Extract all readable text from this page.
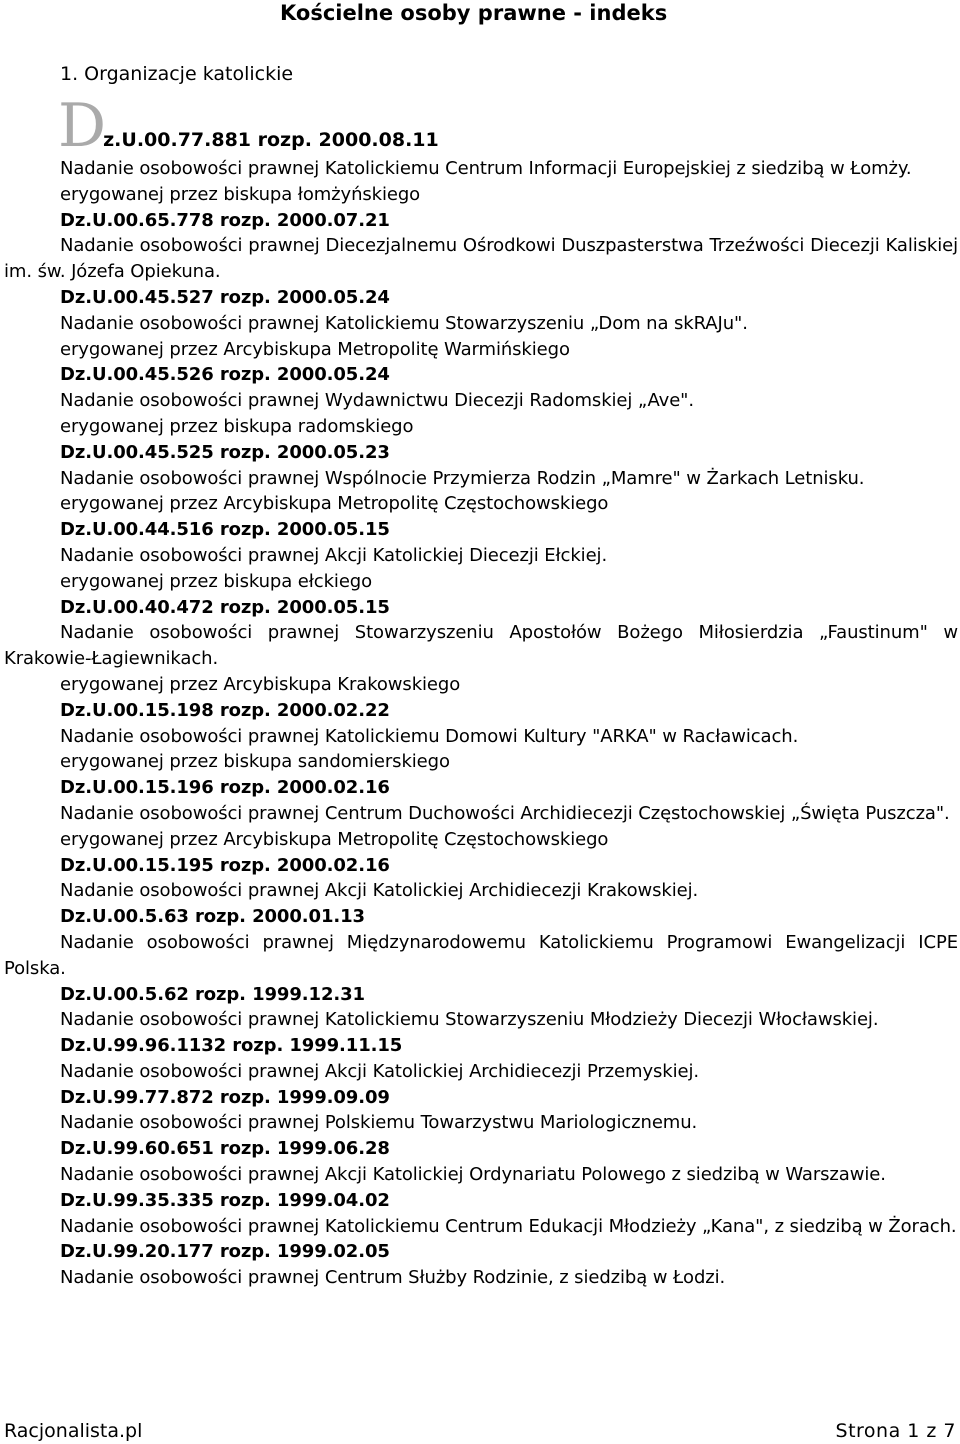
Kościelne osoby prawne - indeks
1. Organizacje katolickie
Dz.U.00.77.881 rozp. 2000.08.11

Nadanie osobowości prawnej Katolickiemu Centrum Informacji Europejskiej z siedzibą w Łomży.

erygowanej przez biskupa łomżyńskiego
Dz.U.00.65.778 rozp. 2000.07.21

Nadanie osobowości prawnej Diecezjalnemu Ośrodkowi Duszpasterstwa Trzeźwości Diecezji Kaliskiej im. św. Józefa Opiekuna.

Dz.U.00.45.527 rozp. 2000.05.24

Nadanie osobowości prawnej Katolickiemu Stowarzyszeniu „Dom na skRAJu".

erygowanej przez Arcybiskupa Metropolitę Warmińskiego
Dz.U.00.45.526 rozp. 2000.05.24

Nadanie osobowości prawnej Wydawnictwu Diecezji Radomskiej „Ave".

erygowanej przez biskupa radomskiego
Dz.U.00.45.525 rozp. 2000.05.23

Nadanie osobowości prawnej Wspólnocie Przymierza Rodzin „Mamre" w Żarkach Letnisku.

erygowanej przez Arcybiskupa Metropolitę Częstochowskiego
Dz.U.00.44.516 rozp. 2000.05.15

Nadanie osobowości prawnej Akcji Katolickiej Diecezji Ełckiej.

erygowanej przez biskupa ełckiego
Dz.U.00.40.472 rozp. 2000.05.15

Nadanie osobowości prawnej Stowarzyszeniu Apostołów Bożego Miłosierdzia „Faustinum" w Krakowie-Łagiewnikach.

erygowanej przez Arcybiskupa Krakowskiego
Dz.U.00.15.198 rozp. 2000.02.22

Nadanie osobowości prawnej Katolickiemu Domowi Kultury "ARKA" w Racławicach.

erygowanej przez biskupa sandomierskiego
Dz.U.00.15.196 rozp. 2000.02.16

Nadanie osobowości prawnej Centrum Duchowości Archidiecezji Częstochowskiej „Święta Puszcza".

erygowanej przez Arcybiskupa Metropolitę Częstochowskiego
Dz.U.00.15.195 rozp. 2000.02.16

Nadanie osobowości prawnej Akcji Katolickiej Archidiecezji Krakowskiej.

Dz.U.00.5.63 rozp. 2000.01.13

Nadanie osobowości prawnej Międzynarodowemu Katolickiemu Programowi Ewangelizacji ICPE Polska.

Dz.U.00.5.62 rozp. 1999.12.31

Nadanie osobowości prawnej Katolickiemu Stowarzyszeniu Młodzieży Diecezji Włocławskiej.

Dz.U.99.96.1132 rozp. 1999.11.15

Nadanie osobowości prawnej Akcji Katolickiej Archidiecezji Przemyskiej.

Dz.U.99.77.872 rozp. 1999.09.09

Nadanie osobowości prawnej Polskiemu Towarzystwu Mariologicznemu.

Dz.U.99.60.651 rozp. 1999.06.28

Nadanie osobowości prawnej Akcji Katolickiej Ordynariatu Polowego z siedzibą w Warszawie.

Dz.U.99.35.335 rozp. 1999.04.02

Nadanie osobowości prawnej Katolickiemu Centrum Edukacji Młodzieży „Kana", z siedzibą w Żorach.

Dz.U.99.20.177 rozp. 1999.02.05

Nadanie osobowości prawnej Centrum Służby Rodzinie, z siedzibą w Łodzi.

Racjonalista.pl	Strona 1 z 7
